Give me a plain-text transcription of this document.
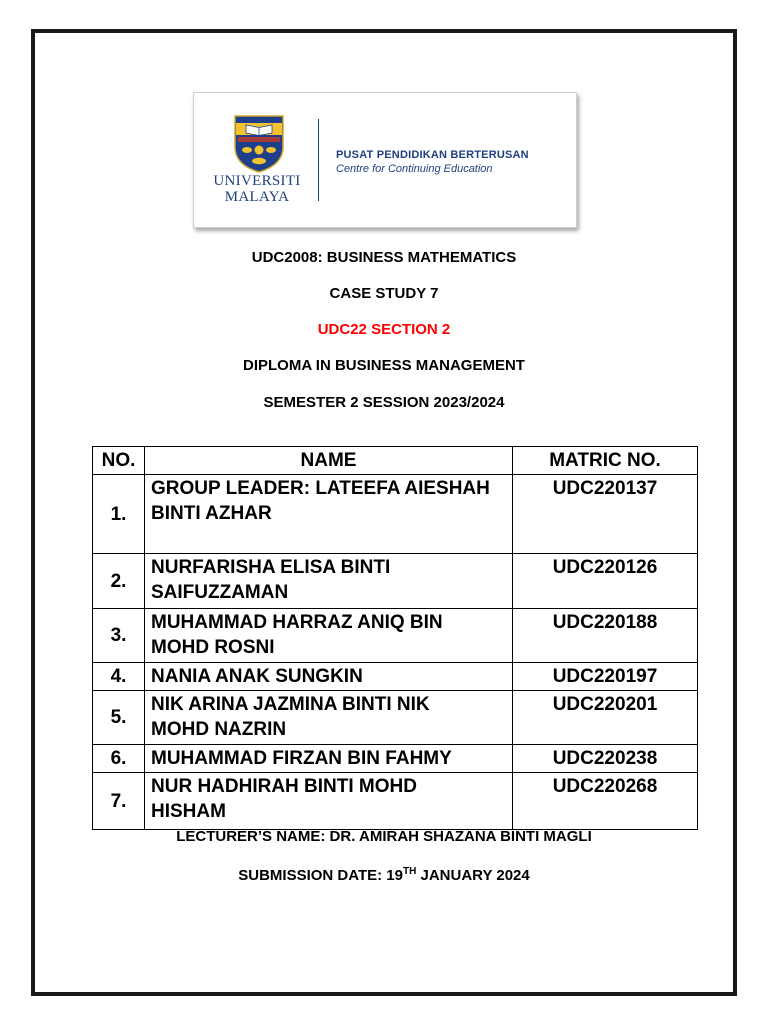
UNIVERSITI
MALAYA
PUSAT PENDIDIKAN BERTERUSAN
Centre for Continuing Education
UDC2008: BUSINESS MATHEMATICS
CASE STUDY 7
UDC22 SECTION 2
DIPLOMA IN BUSINESS MANAGEMENT
SEMESTER 2 SESSION 2023/2024
NO.	NAME	MATRIC NO.
1.	GROUP LEADER: LATEEFA AIESHAH
BINTI AZHAR	UDC220137
2.	NURFARISHA ELISA BINTI
SAIFUZZAMAN	UDC220126
3.	MUHAMMAD HARRAZ ANIQ BIN
MOHD ROSNI	UDC220188
4.	NANIA ANAK SUNGKIN	UDC220197
5.	NIK ARINA JAZMINA BINTI NIK
MOHD NAZRIN	UDC220201
6.	MUHAMMAD FIRZAN BIN FAHMY	UDC220238
7.	NUR HADHIRAH BINTI MOHD
HISHAM	UDC220268
LECTURER’S NAME: DR. AMIRAH SHAZANA BINTI MAGLI
SUBMISSION DATE: 19TH JANUARY 2024
